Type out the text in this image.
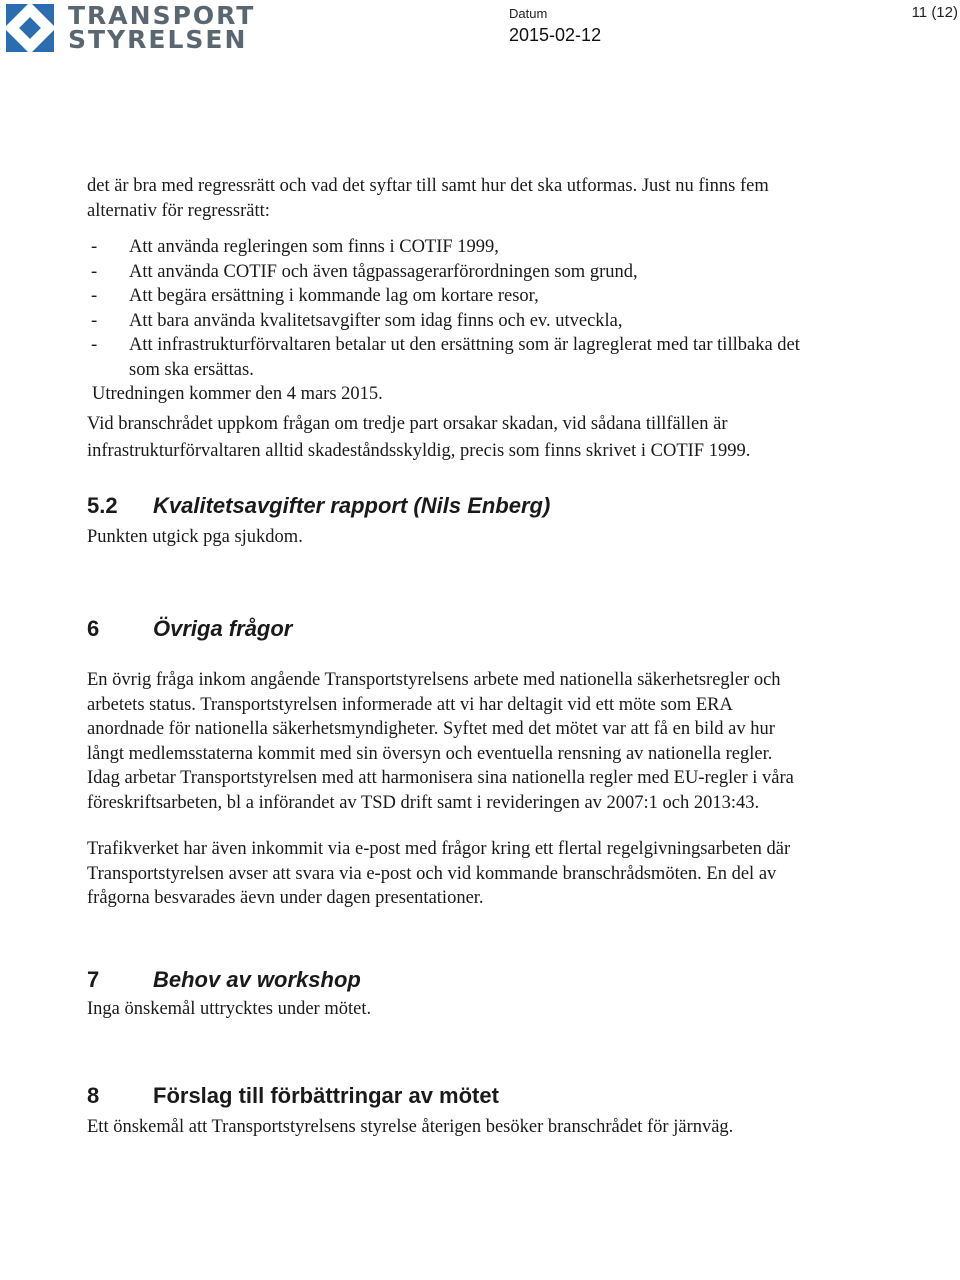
TRANSPORT
STYRELSEN
Datum
2015-02-12
11 (12)

det är bra med regressrätt och vad det syftar till samt hur det ska utformas. Just nu finns fem alternativ för regressrätt:

- Att använda regleringen som finns i COTIF 1999,
- Att använda COTIF och även tågpassagerarförordningen som grund,
- Att begära ersättning i kommande lag om kortare resor,
- Att bara använda kvalitetsavgifter som idag finns och ev. utveckla,
- Att infrastrukturförvaltaren betalar ut den ersättning som är lagreglerat med tar tillbaka det som ska ersättas.

Utredningen kommer den 4 mars 2015.

Vid branschrådet uppkom frågan om tredje part orsakar skadan, vid sådana tillfällen är infrastrukturförvaltaren alltid skadeståndsskyldig, precis som finns skrivet i COTIF 1999.

5.2	Kvalitetsavgifter rapport (Nils Enberg)

Punkten utgick pga sjukdom.

6	Övriga frågor

En övrig fråga inkom angående Transportstyrelsens arbete med nationella säkerhetsregler och arbetets status. Transportstyrelsen informerade att vi har deltagit vid ett möte som ERA anordnade för nationella säkerhetsmyndigheter. Syftet med det mötet var att få en bild av hur långt medlemsstaterna kommit med sin översyn och eventuella rensning av nationella regler. Idag arbetar Transportstyrelsen med att harmonisera sina nationella regler med EU-regler i våra föreskriftsarbeten, bl a införandet av TSD drift samt i revideringen av 2007:1 och 2013:43.

Trafikverket har även inkommit via e-post med frågor kring ett flertal regelgivningsarbeten där Transportstyrelsen avser att svara via e-post och vid kommande branschrådsmöten. En del av frågorna besvarades äevn under dagen presentationer.

7	Behov av workshop

Inga önskemål uttrycktes under mötet.

8	Förslag till förbättringar av mötet

Ett önskemål att Transportstyrelsens styrelse återigen besöker branschrådet för järnväg.
